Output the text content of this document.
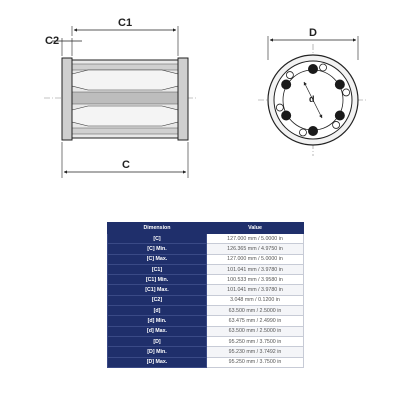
C1
C2
C
D
d
Dimension	Value
[C]	127.000 mm / 5.0000 in
[C] Min.	126.365 mm / 4.9750 in
[C] Max.	127.000 mm / 5.0000 in
[C1]	101.041 mm / 3.9780 in
[C1] Min.	100.533 mm / 3.9580 in
[C1] Max.	101.041 mm / 3.9780 in
[C2]	3.048 mm / 0.1200 in
[d]	63.500 mm / 2.5000 in
[d] Min.	63.475 mm / 2.4990 in
[d] Max.	63.500 mm / 2.5000 in
[D]	95.250 mm / 3.7500 in
[D] Min.	95.230 mm / 3.7492 in
[D] Max.	95.250 mm / 3.7500 in
